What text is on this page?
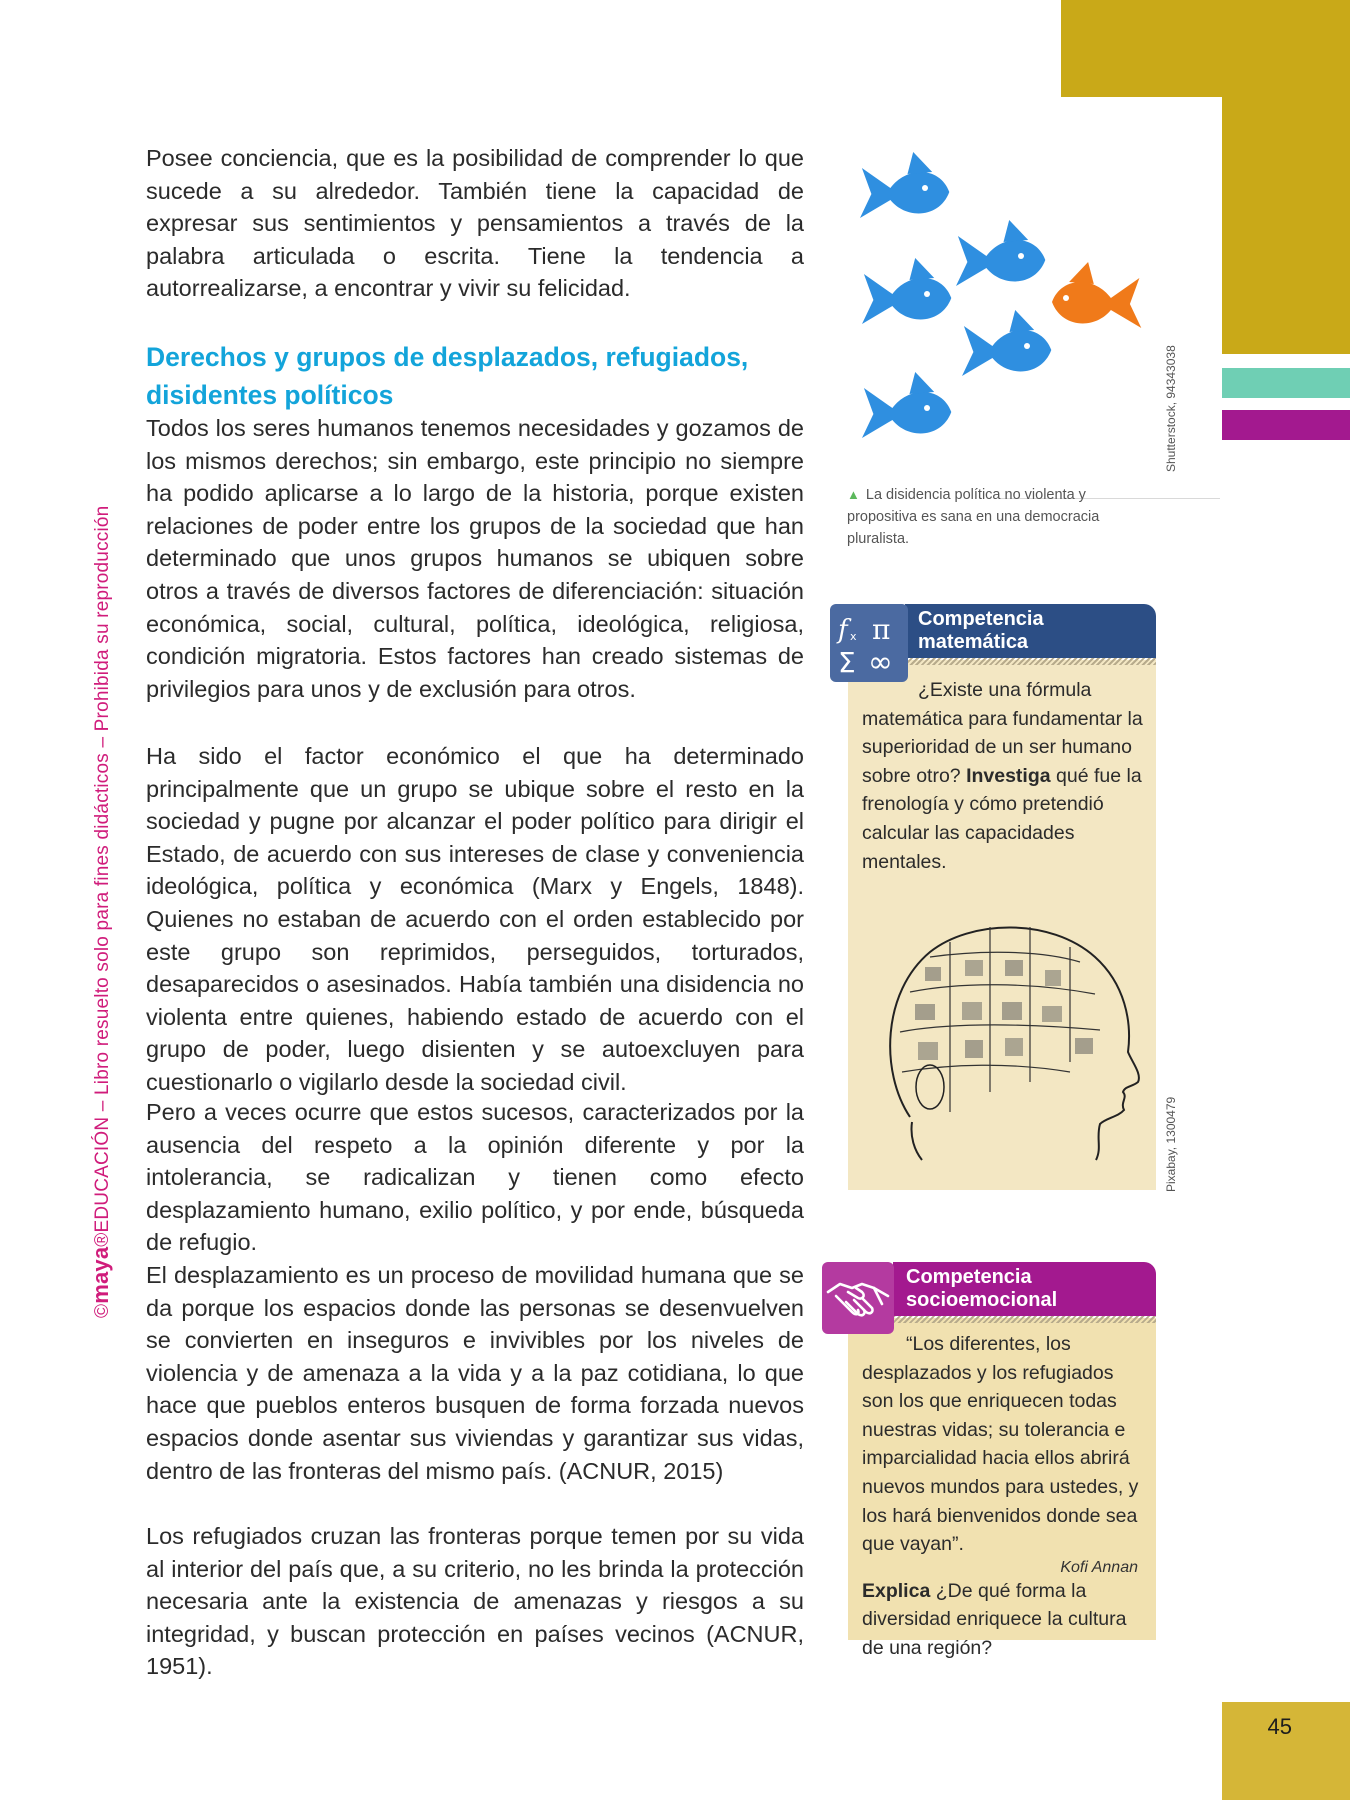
45
©maya®EDUCACIÓN – Libro resuelto solo para fines didácticos – Prohibida su reproducción

Posee conciencia, que es la posibilidad de comprender lo que sucede a su alrededor. También tiene la capacidad de expresar sus sentimientos y pensamientos a través de la palabra articulada o escrita. Tiene la tendencia a autorrealizarse, a encontrar y vivir su felicidad.

Derechos y grupos de desplazados, refugiados, disidentes políticos

Todos los seres humanos tenemos necesidades y gozamos de los mismos derechos; sin embargo, este principio no siempre ha podido aplicarse a lo largo de la historia, porque existen relaciones de poder entre los grupos de la sociedad que han determinado que unos grupos humanos se ubiquen sobre otros a través de diversos factores de diferenciación: situación económica, social, cultural, política, ideológica, religiosa, condición migratoria. Estos factores han creado sistemas de privilegios para unos y de exclusión para otros.

Ha sido el factor económico el que ha determinado principalmente que un grupo se ubique sobre el resto en la sociedad y pugne por alcanzar el poder político para dirigir el Estado, de acuerdo con sus intereses de clase y conveniencia ideológica, política y económica (Marx y Engels, 1848). Quienes no estaban de acuerdo con el orden establecido por este grupo son reprimidos, perseguidos, torturados, desaparecidos o asesinados. Había también una disidencia no violenta entre quienes, habiendo estado de acuerdo con el grupo de poder, luego disienten y se autoexcluyen para cuestionarlo o vigilarlo desde la sociedad civil.

Pero a veces ocurre que estos sucesos, caracterizados por la ausencia del respeto a la opinión diferente y por la intolerancia, se radicalizan y tienen como efecto desplazamiento humano, exilio político, y por ende, búsqueda de refugio.

El desplazamiento es un proceso de movilidad humana que se da porque los espacios donde las personas se desenvuelven se convierten en inseguros e invivibles por los niveles de violencia y de amenaza a la vida y a la paz cotidiana, lo que hace que pueblos enteros busquen de forma forzada nuevos espacios donde asentar sus viviendas y garantizar sus vidas, dentro de las fronteras del mismo país. (ACNUR, 2015)

Los refugiados cruzan las fronteras porque temen por su vida al interior del país que, a su criterio, no les brinda la protección necesaria ante la existencia de amenazas y riesgos a su integridad, y buscan protección en países vecinos (ACNUR, 1951).

Shutterstock, 94343038

▲ La disidencia política no violenta y propositiva es sana en una democracia pluralista.

Competencia

matemática

f x π
Σ ∞

¿Existe una fórmula matemática para fundamentar la superioridad de un ser humano sobre otro? Investiga qué fue la frenología y cómo pretendió calcular las capacidades mentales.

Pixabay, 1300479

Competencia

socioemocional

“Los diferentes, los desplazados y los refugiados son los que enriquecen todas nuestras vidas; su tolerancia e imparcialidad hacia ellos abrirá nuevos mundos para ustedes, y los hará bienvenidos donde sea que vayan”.

Kofi Annan

Explica ¿De qué forma la diversidad enriquece la cultura de una región?
